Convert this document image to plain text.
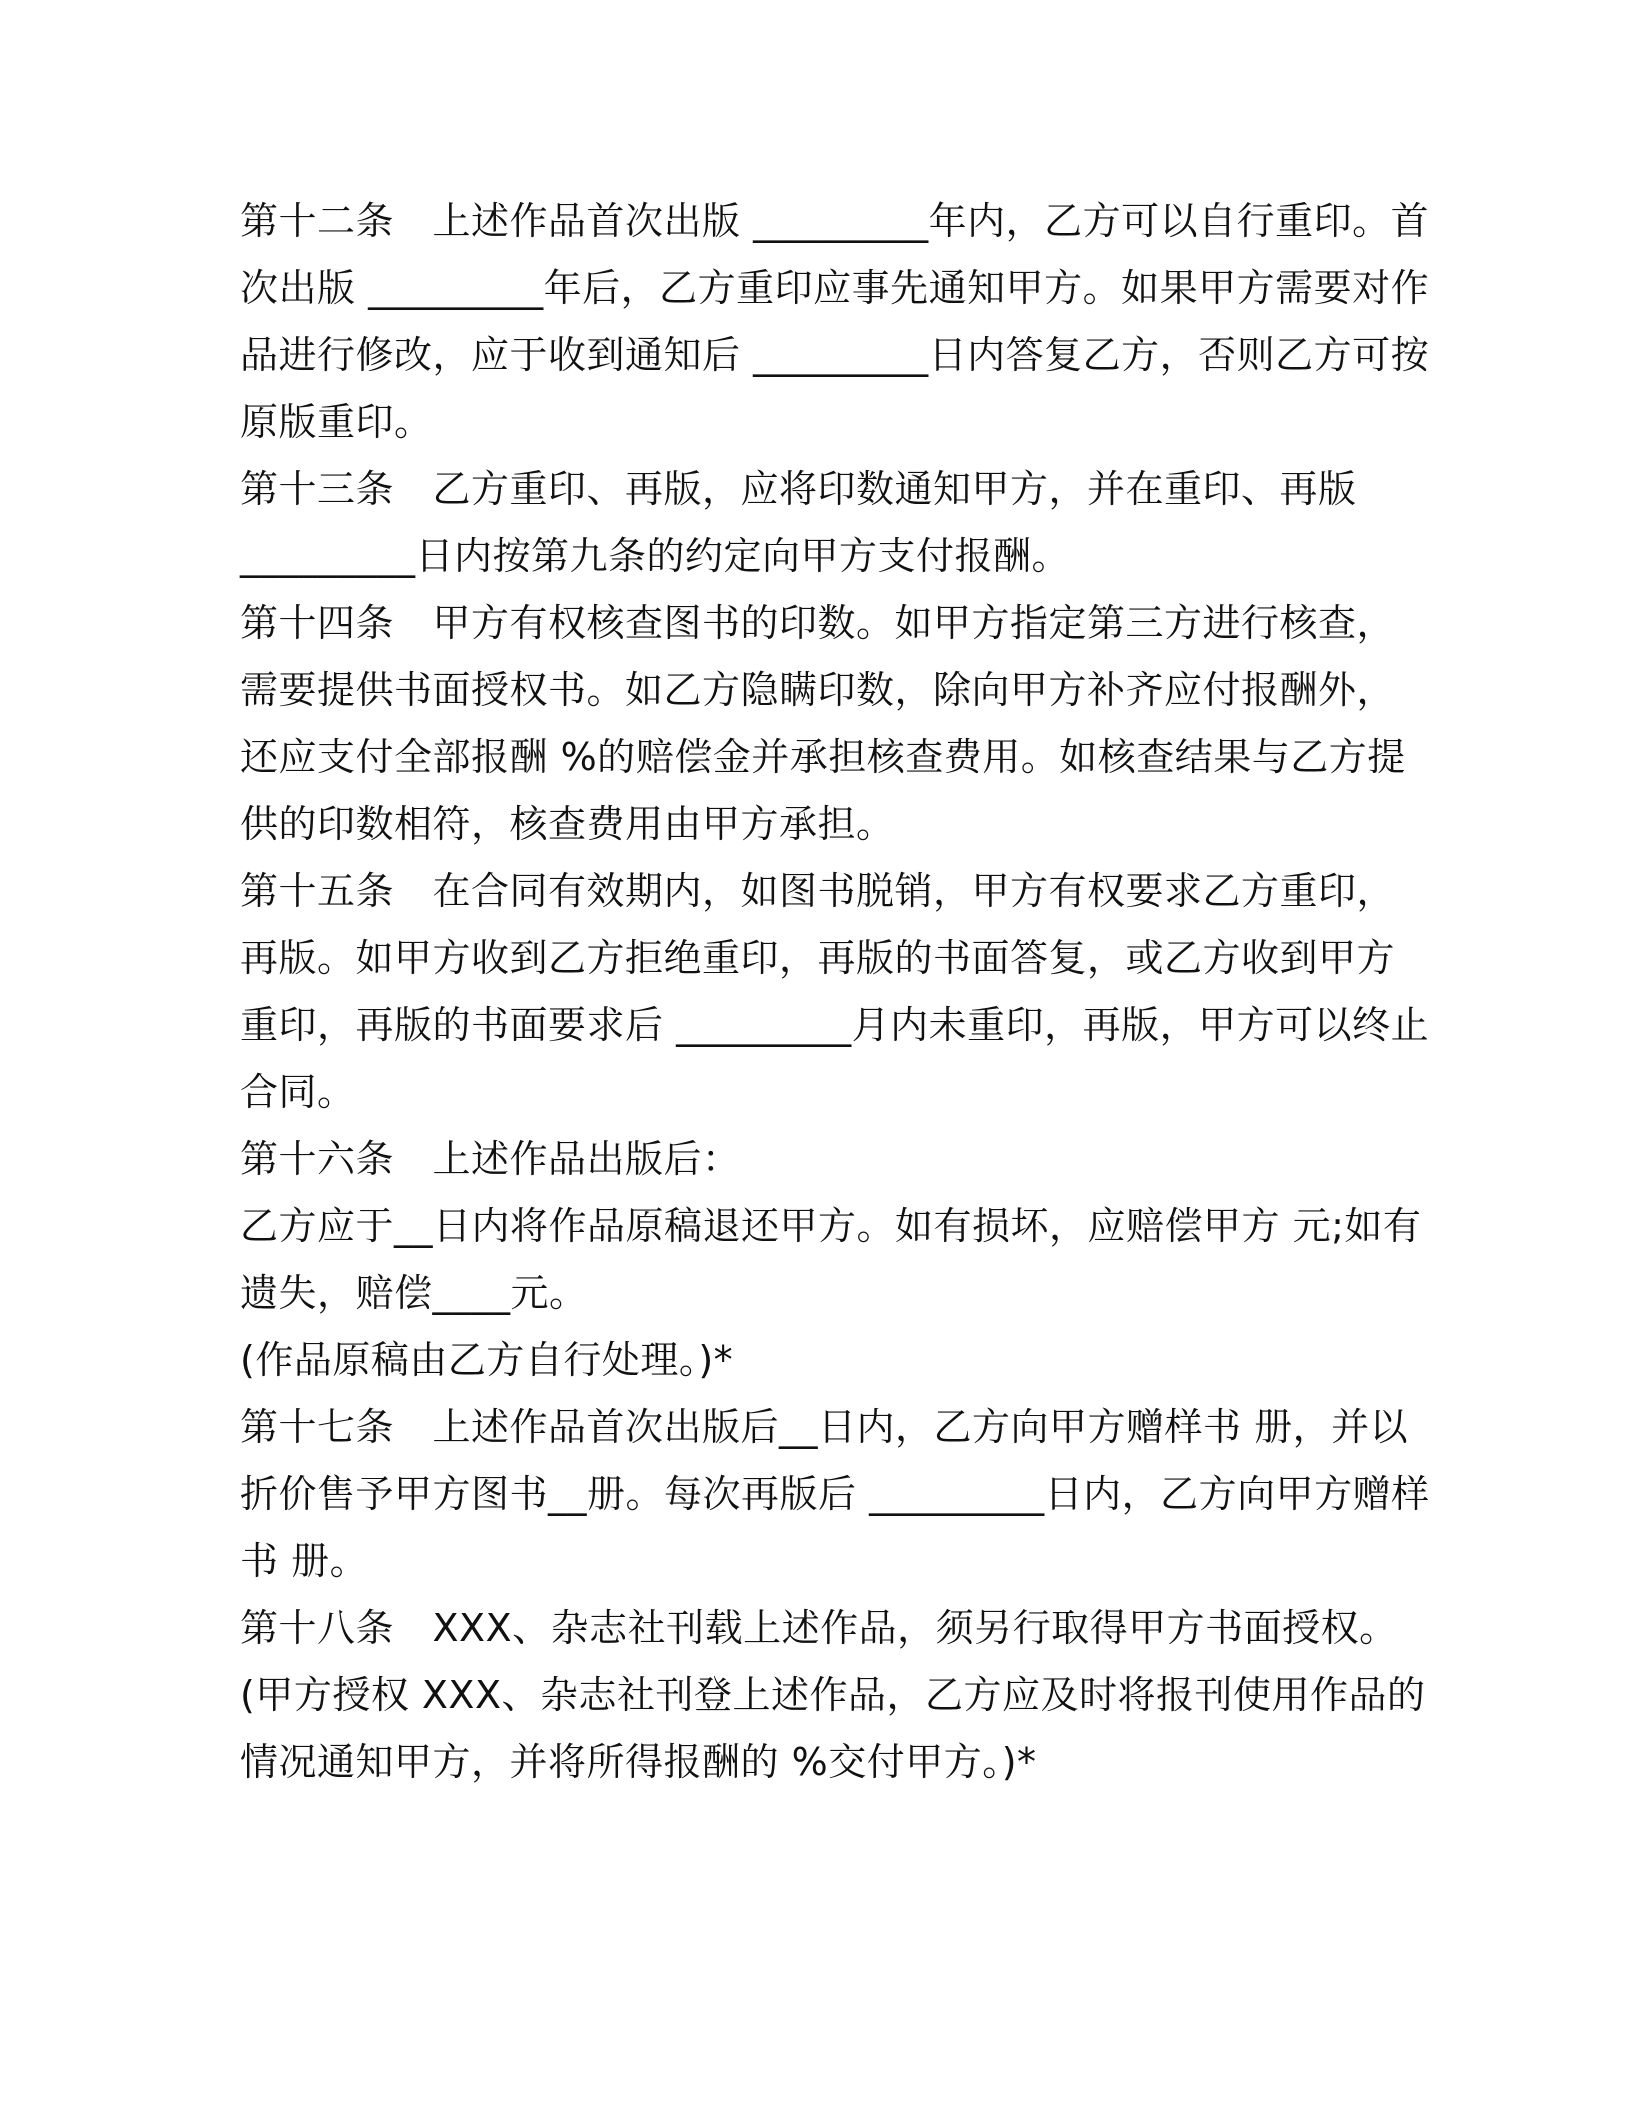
第十二条　上述作品首次出版 _________年内，乙方可以自行重印。首
次出版 _________年后，乙方重印应事先通知甲方。如果甲方需要对作
品进行修改，应于收到通知后 _________日内答复乙方，否则乙方可按
原版重印。
第十三条　乙方重印、再版，应将印数通知甲方，并在重印、再版
_________日内按第九条的约定向甲方支付报酬。
第十四条　甲方有权核查图书的印数。如甲方指定第三方进行核查，
需要提供书面授权书。如乙方隐瞒印数，除向甲方补齐应付报酬外，
还应支付全部报酬 %的赔偿金并承担核查费用。如核查结果与乙方提
供的印数相符，核查费用由甲方承担。
第十五条　在合同有效期内，如图书脱销，甲方有权要求乙方重印，
再版。如甲方收到乙方拒绝重印，再版的书面答复，或乙方收到甲方
重印，再版的书面要求后 _________月内未重印，再版，甲方可以终止
合同。
第十六条　上述作品出版后：
乙方应于__日内将作品原稿退还甲方。如有损坏，应赔偿甲方 元;如有
遗失，赔偿____元。
(作品原稿由乙方自行处理。)*
第十七条　上述作品首次出版后__日内，乙方向甲方赠样书 册，并以
折价售予甲方图书__册。每次再版后 _________日内，乙方向甲方赠样
书 册。
第十八条　XXX、杂志社刊载上述作品，须另行取得甲方书面授权。
(甲方授权 XXX、杂志社刊登上述作品，乙方应及时将报刊使用作品的
情况通知甲方，并将所得报酬的 %交付甲方。)*
